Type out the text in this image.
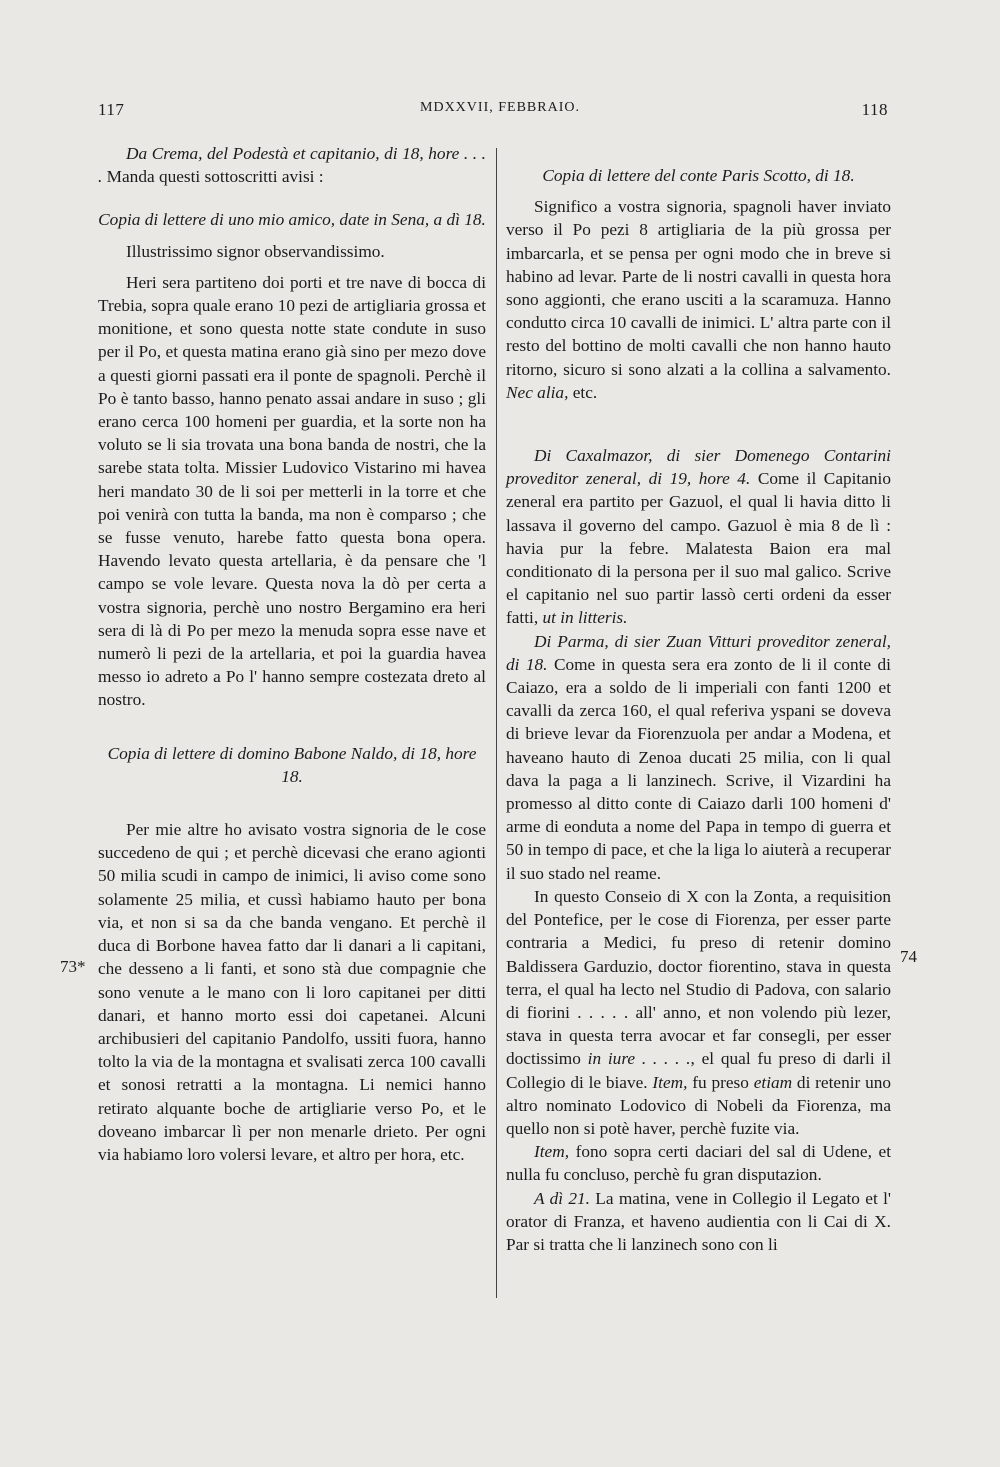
117	MDXXVII, FEBBRAIO.	118
73*
74

Da Crema, del Podestà et capitanio, di 18, hore . . . . Manda questi sottoscritti avisi :

Copia di lettere di uno mio amico, date in Sena, a dì 18.

Illustrissimo signor observandissimo.

Heri sera partiteno doi porti et tre nave di bocca di Trebia, sopra quale erano 10 pezi de artigliaria grossa et monitione, et sono questa notte state condute in suso per il Po, et questa matina erano già sino per mezo dove a questi giorni passati era il ponte de spagnoli. Perchè il Po è tanto basso, hanno penato assai andare in suso ; gli erano cerca 100 homeni per guardia, et la sorte non ha voluto se li sia trovata una bona banda de nostri, che la sarebe stata tolta. Missier Ludovico Vistarino mi havea heri mandato 30 de li soi per metterli in la torre et che poi venirà con tutta la banda, ma non è comparso ; che se fusse venuto, harebe fatto questa bona opera. Havendo levato questa artellaria, è da pensare che 'l campo se vole levare. Questa nova la dò per certa a vostra signoria, perchè uno nostro Bergamino era heri sera di là di Po per mezo la menuda sopra esse nave et numerò li pezi de la artellaria, et poi la guardia havea messo io adreto a Po l' hanno sempre costezata dreto al nostro.

Copia di lettere di domino Babone Naldo, di 18, hore 18.

Per mie altre ho avisato vostra signoria de le cose succedeno de qui ; et perchè dicevasi che erano agionti 50 milia scudi in campo de inimici, li aviso come sono solamente 25 milia, et cussì habiamo hauto per bona via, et non si sa da che banda vengano. Et perchè il duca di Borbone havea fatto dar li danari a li capitani, che desseno a li fanti, et sono stà due compagnie che sono venute a le mano con li loro capitanei per ditti danari, et hanno morto essi doi capetanei. Alcuni archibusieri del capitanio Pandolfo, ussiti fuora, hanno tolto la via de la montagna et svalisati zerca 100 cavalli et sonosi retratti a la montagna. Li nemici hanno retirato alquante boche de artigliarie verso Po, et le doveano imbarcar lì per non menarle drieto. Per ogni via habiamo loro volersi levare, et altro per hora, etc.

Copia di lettere del conte Paris Scotto, di 18.

Significo a vostra signoria, spagnoli haver inviato verso il Po pezi 8 artigliaria de la più grossa per imbarcarla, et se pensa per ogni modo che in breve si habino ad levar. Parte de li nostri cavalli in questa hora sono aggionti, che erano usciti a la scaramuza. Hanno condutto circa 10 cavalli de inimici. L' altra parte con il resto del bottino de molti cavalli che non hanno hauto ritorno, sicuro si sono alzati a la collina a salvamento. Nec alia, etc.

Di Caxalmazor, di sier Domenego Contarini proveditor zeneral, di 19, hore 4. Come il Capitanio zeneral era partito per Gazuol, el qual li havia ditto li lassava il governo del campo. Gazuol è mia 8 de lì : havia pur la febre. Malatesta Baion era mal conditionato di la persona per il suo mal galico. Scrive el capitanio nel suo partir lassò certi ordeni da esser fatti, ut in litteris.

Di Parma, di sier Zuan Vitturi proveditor zeneral, di 18. Come in questa sera era zonto de li il conte di Caiazo, era a soldo de li imperiali con fanti 1200 et cavalli da zerca 160, el qual referiva yspani se doveva di brieve levar da Fiorenzuola per andar a Modena, et haveano hauto di Zenoa ducati 25 milia, con li qual dava la paga a li lanzinech. Scrive, il Vizardini ha promesso al ditto conte di Caiazo darli 100 homeni d' arme di eonduta a nome del Papa in tempo di guerra et 50 in tempo di pace, et che la liga lo aiuterà a recuperar il suo stado nel reame.

In questo Conseio di X con la Zonta, a requisition del Pontefice, per le cose di Fiorenza, per esser parte contraria a Medici, fu preso di retenir domino Baldissera Garduzio, doctor fiorentino, stava in questa terra, el qual ha lecto nel Studio di Padova, con salario di fiorini . . . . . all' anno, et non volendo più lezer, stava in questa terra avocar et far consegli, per esser doctissimo in iure . . . . ., el qual fu preso di darli il Collegio di le biave. Item, fu preso etiam di retenir uno altro nominato Lodovico di Nobeli da Fiorenza, ma quello non si potè haver, perchè fuzite via.

Item, fono sopra certi daciari del sal di Udene, et nulla fu concluso, perchè fu gran disputazion.

A dì 21. La matina, vene in Collegio il Legato et l' orator di Franza, et haveno audientia con li Cai di X. Par si tratta che li lanzinech sono con li
